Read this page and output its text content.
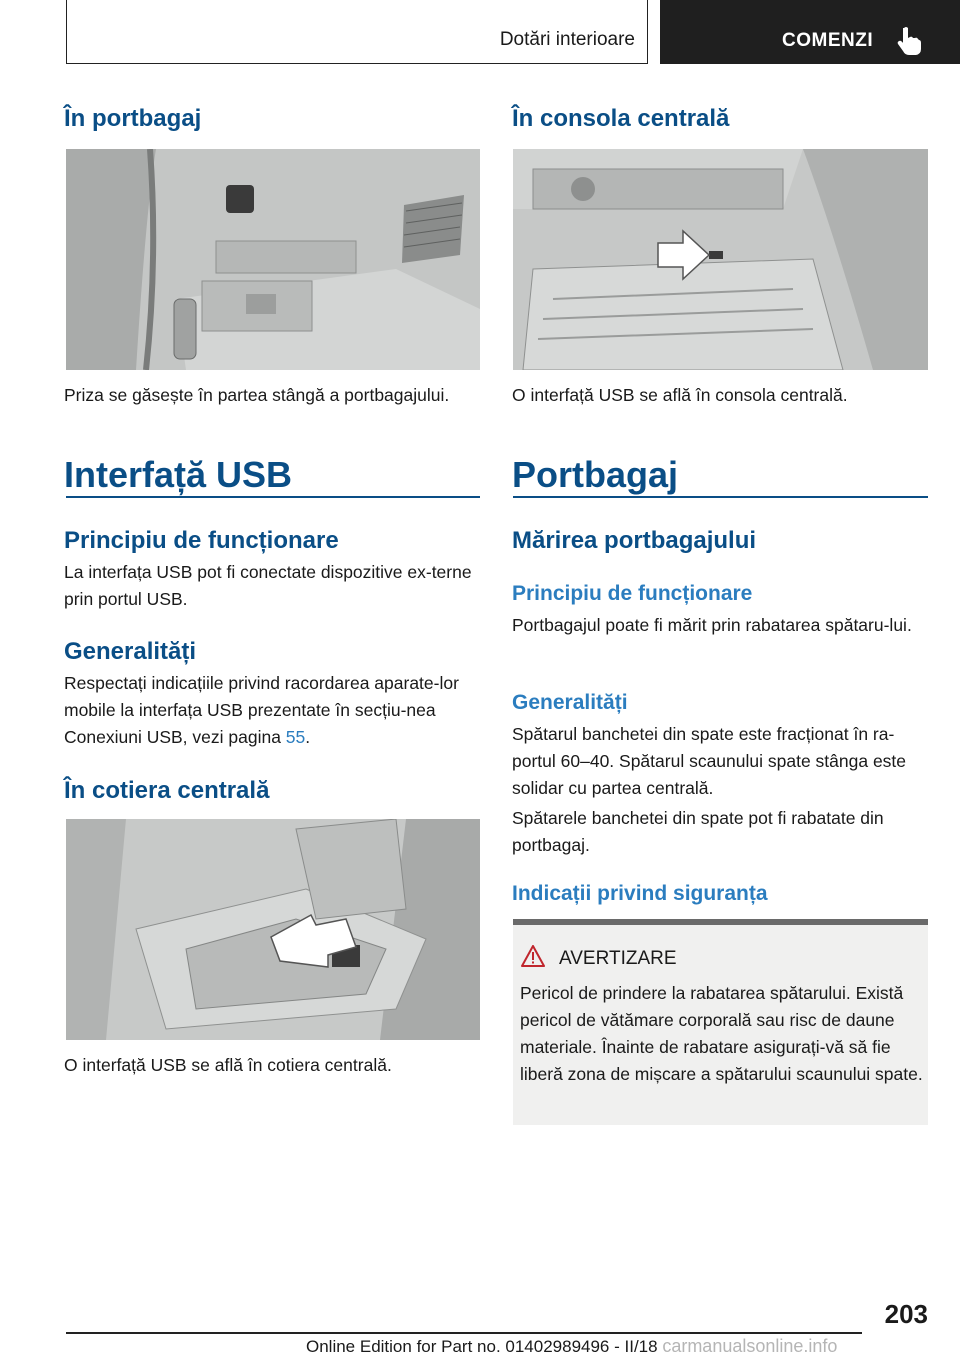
Dotări interioare	COMENZI
În portbagaj
Priza se găsește în partea stângă a portbagajului.
Interfață USB
Principiu de funcționare
La interfața USB pot fi conectate dispozitive ex-terne prin portul USB.
Generalități
Respectați indicațiile privind racordarea aparate-lor mobile la interfața USB prezentate în secțiu-nea Conexiuni USB, vezi pagina 55.
În cotiera centrală
O interfață USB se află în cotiera centrală.
În consola centrală
O interfață USB se află în consola centrală.
Portbagaj
Mărirea portbagajului
Principiu de funcționare
Portbagajul poate fi mărit prin rabatarea spătaru-lui.
Generalități
Spătarul banchetei din spate este fracționat în ra-portul 60–40. Spătarul scaunului spate stânga este solidar cu partea centrală.
Spătarele banchetei din spate pot fi rabatate din portbagaj.
Indicații privind siguranța
AVERTIZARE
Pericol de prindere la rabatarea spătarului. Există pericol de vătămare corporală sau risc de daune materiale. Înainte de rabatare asigurați-vă să fie liberă zona de mișcare a spătarului scaunului spate.
203
Online Edition for Part no. 01402989496 - II/18 carmanualsonline.info
